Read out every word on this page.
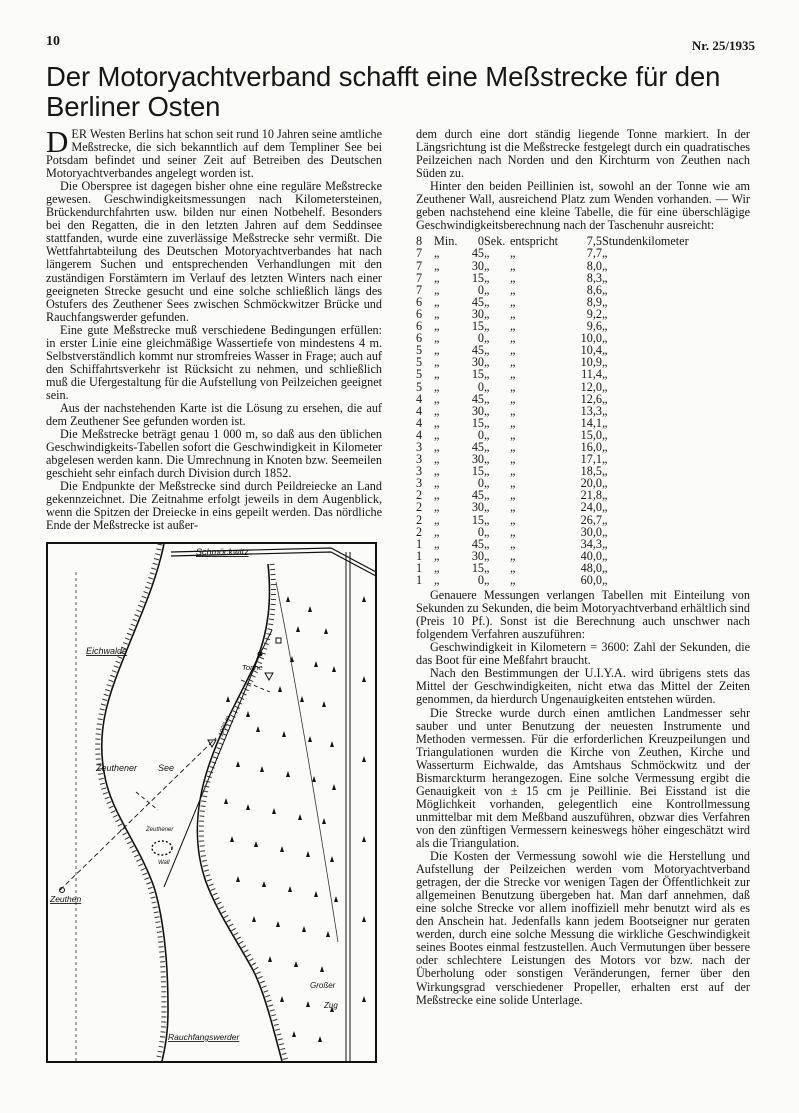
10	Nr. 25/1935
Der Motoryachtverband schafft eine Meßstrecke für den Berliner Osten

DER Westen Berlins hat schon seit rund 10 Jahren seine amtliche Meßstrecke, die sich bekanntlich auf dem Templiner See bei Potsdam befindet und seiner Zeit auf Betreiben des Deutschen Motoryachtverbandes angelegt worden ist.

Die Oberspree ist dagegen bisher ohne eine reguläre Meßstrecke gewesen. Geschwindigkeitsmessungen nach Kilometersteinen, Brückendurchfahrten usw. bilden nur einen Notbehelf. Besonders bei den Regatten, die in den letzten Jahren auf dem Seddinsee stattfanden, wurde eine zuverlässige Meßstrecke sehr vermißt. Die Wettfahrtabteilung des Deutschen Motoryachtverbandes hat nach längerem Suchen und entsprechenden Verhandlungen mit den zuständigen Forstämtern im Verlauf des letzten Winters nach einer geeigneten Strecke gesucht und eine solche schließlich längs des Ostufers des Zeuthener Sees zwischen Schmöckwitzer Brücke und Rauchfangswerder gefunden.

Eine gute Meßstrecke muß verschiedene Bedingungen erfüllen: in erster Linie eine gleichmäßige Wassertiefe von mindestens 4 m. Selbstverständlich kommt nur stromfreies Wasser in Frage; auch auf den Schiffahrtsverkehr ist Rücksicht zu nehmen, und schließlich muß die Ufergestaltung für die Aufstellung von Peilzeichen geeignet sein.

Aus der nachstehenden Karte ist die Lösung zu ersehen, die auf dem Zeuthener See gefunden worden ist.

Die Meßstrecke beträgt genau 1 000 m, so daß aus den üblichen Geschwindigkeits-Tabellen sofort die Geschwindigkeit in Kilometer abgelesen werden kann. Die Umrechnung in Knoten bzw. Seemeilen geschieht sehr einfach durch Division durch 1852.

Die Endpunkte der Meßstrecke sind durch Peildreiecke an Land gekennzeichnet. Die Zeitnahme erfolgt jeweils in dem Augenblick, wenn die Spitzen der Dreiecke in eins gepeilt werden. Das nördliche Ende der Meßstrecke ist außer-

Schmöckwitz
Eichwalde
Tonne
1000 m
Zeuthener See
Zeuthener
Wall
Zeuthen
Großer
Zug
Rauchfangswerder

dem durch eine dort ständig liegende Tonne markiert. In der Längsrichtung ist die Meßstrecke festgelegt durch ein quadratisches Peilzeichen nach Norden und den Kirchturm von Zeuthen nach Süden zu.

Hinter den beiden Peillinien ist, sowohl an der Tonne wie am Zeuthener Wall, ausreichend Platz zum Wenden vorhanden. — Wir geben nachstehend eine kleine Tabelle, die für eine überschlägige Geschwindigkeitsberechnung nach der Taschenuhr ausreicht:

8	Min.	0	Sek.	entspricht	7,5	Stundenkilometer
7	„	45	„	„	7,7	„
7	„	30	„	„	8,0	„
7	„	15	„	„	8,3	„
7	„	0	„	„	8,6	„
6	„	45	„	„	8,9	„
6	„	30	„	„	9,2	„
6	„	15	„	„	9,6	„
6	„	0	„	„	10,0	„
5	„	45	„	„	10,4	„
5	„	30	„	„	10,9	„
5	„	15	„	„	11,4	„
5	„	0	„	„	12,0	„
4	„	45	„	„	12,6	„
4	„	30	„	„	13,3	„
4	„	15	„	„	14,1	„
4	„	0	„	„	15,0	„
3	„	45	„	„	16,0	„
3	„	30	„	„	17,1	„
3	„	15	„	„	18,5	„
3	„	0	„	„	20,0	„
2	„	45	„	„	21,8	„
2	„	30	„	„	24,0	„
2	„	15	„	„	26,7	„
2	„	0	„	„	30,0	„
1	„	45	„	„	34,3	„
1	„	30	„	„	40,0	„
1	„	15	„	„	48,0	„
1	„	0	„	„	60,0	„

Genauere Messungen verlangen Tabellen mit Einteilung von Sekunden zu Sekunden, die beim Motoryachtverband erhältlich sind (Preis 10 Pf.). Sonst ist die Berechnung auch unschwer nach folgendem Verfahren auszuführen:

Geschwindigkeit in Kilometern = 3600: Zahl der Sekunden, die das Boot für eine Meßfahrt braucht.

Nach den Bestimmungen der U.I.Y.A. wird übrigens stets das Mittel der Geschwindigkeiten, nicht etwa das Mittel der Zeiten genommen, da hierdurch Ungenauigkeiten entstehen würden.

Die Strecke wurde durch einen amtlichen Landmesser sehr sauber und unter Benutzung der neuesten Instrumente und Methoden vermessen. Für die erforderlichen Kreuzpeilungen und Triangulationen wurden die Kirche von Zeuthen, Kirche und Wasserturm Eichwalde, das Amtshaus Schmöckwitz und der Bismarckturm herangezogen. Eine solche Vermessung ergibt die Genauigkeit von ± 15 cm je Peillinie. Bei Eisstand ist die Möglichkeit vorhanden, gelegentlich eine Kontrollmessung unmittelbar mit dem Meßband auszuführen, obzwar dies Verfahren von den zünftigen Vermessern keineswegs höher eingeschätzt wird als die Triangulation.

Die Kosten der Vermessung sowohl wie die Herstellung und Aufstellung der Peilzeichen werden vom Motoryachtverband getragen, der die Strecke vor wenigen Tagen der Öffentlichkeit zur allgemeinen Benutzung übergeben hat. Man darf annehmen, daß eine solche Strecke vor allem inoffiziell mehr benutzt wird als es den Anschein hat. Jedenfalls kann jedem Bootseigner nur geraten werden, durch eine solche Messung die wirkliche Geschwindigkeit seines Bootes einmal festzustellen. Auch Vermutungen über bessere oder schlechtere Leistungen des Motors vor bzw. nach der Überholung oder sonstigen Veränderungen, ferner über den Wirkungsgrad verschiedener Propeller, erhalten erst auf der Meßstrecke eine solide Unterlage.
